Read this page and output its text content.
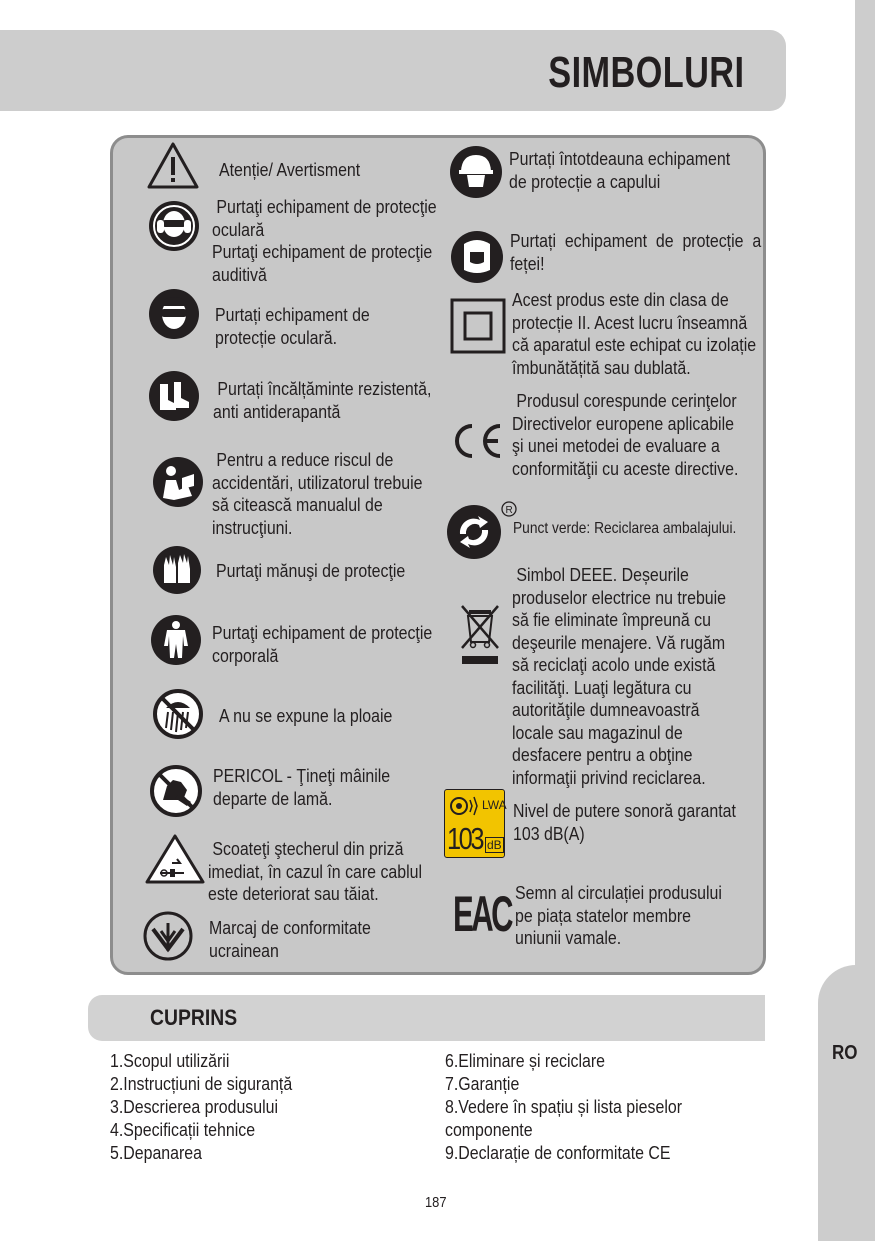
RO
SIMBOLURI
R
LWA
103 dB
EAC
Atenție/ Avertisment
Purtaţi echipament de protecţie
oculară
Purtaţi echipament de protecţie
auditivă
Purtați echipament de
protecție oculară.
Purtați încălțăminte rezistentă,
anti antiderapantă
Pentru a reduce riscul de
accidentări, utilizatorul trebuie
să citească manualul de
instrucţiuni.
Purtaţi mănuşi de protecţie
Purtaţi echipament de protecţie
corporală
A nu se expune la ploaie
PERICOL - Ţineţi mâinile
departe de lamă.
Scoateţi ştecherul din priză
imediat, în cazul în care cablul
este deteriorat sau tăiat.
Marcaj de conformitate
ucrainean
Purtați întotdeauna echipament
de protecție a capului
Purtați  echipament  de  protecție  a
feței!
Acest produs este din clasa de
protecție II. Acest lucru înseamnă
că aparatul este echipat cu izolație
îmbunătățită sau dublată.
Produsul corespunde cerinţelor
Directivelor europene aplicabile
şi unei metodei de evaluare a
conformităţii cu aceste directive.
Punct verde: Reciclarea ambalajului.
Simbol DEEE. Deșeurile
produselor electrice nu trebuie
să fie eliminate împreună cu
deşeurile menajere. Vă rugăm
să reciclaţi acolo unde există
facilităţi. Luaţi legătura cu
autorităţile dumneavoastră
locale sau magazinul de
desfacere pentru a obţine
informaţii privind reciclarea.
Nivel de putere sonoră garantat
103 dB(A)
Semn al circulației produsului
pe piața statelor membre
uniunii vamale.
CUPRINS
1.Scopul utilizării
2.Instrucțiuni de siguranță
3.Descrierea produsului
4.Specificații tehnice
5.Depanarea
6.Eliminare și reciclare
7.Garanție
8.Vedere în spațiu și lista pieselor
componente
9.Declarație de conformitate CE
187
